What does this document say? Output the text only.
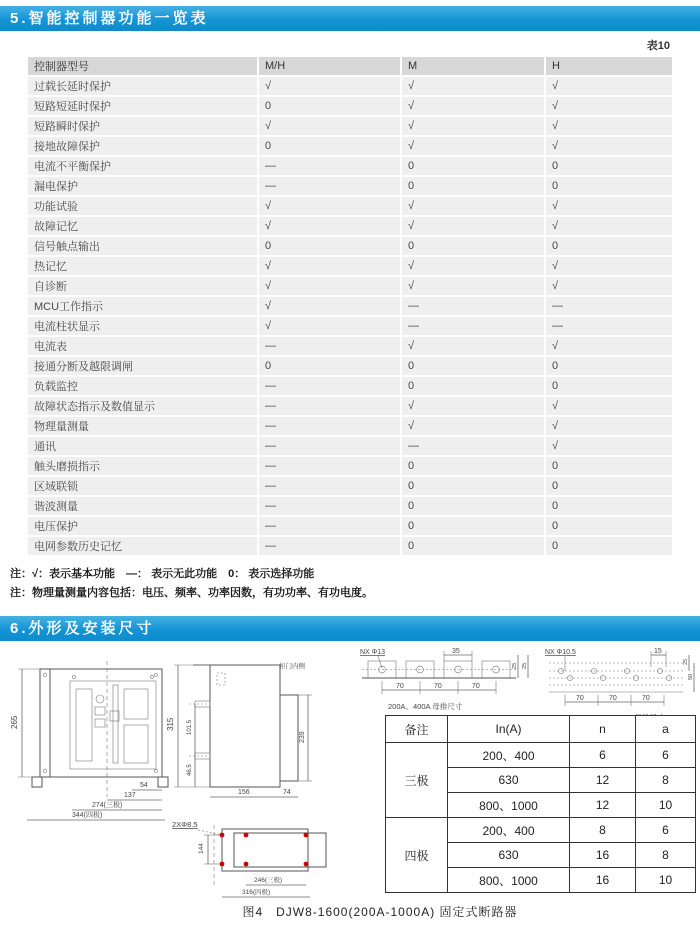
5.智能控制器功能一览表
表10
控制器型号	M/H	M	H
过载长延时保护	√	√	√
短路短延时保护	0	√	√
短路瞬时保护	√	√	√
接地故障保护	0	√	√
电流不平衡保护	—	0	0
漏电保护	—	0	0
功能试验	√	√	√
故障记忆	√	√	√
信号触点输出	0	0	0
热记忆	√	√	√
自诊断	√	√	√
MCU工作指示	√	—	—
电流柱状显示	√	—	—
电流表	—	√	√
接通分断及越限调闸	0	0	0
负载监控	—	0	0
故障状态指示及数值显示	—	√	√
物理量测量	—	√	√
通讯	—	—	√
触头磨损指示	—	0	0
区域联锁	—	0	0
谐波测量	—	0	0
电压保护	—	0	0
电网参数历史记忆	—	0	0
注：√：表示基本功能　—： 表示无此功能　0： 表示选择功能
注：物理量测量内容包括：电压、频率、功率因数，有功功率、有功电度。
6.外形及安装尺寸
265
54
137
274(三极)
344(四极)
柜门内侧
315 101.5
46.5
156	74
239
2XΦ8.5
144
246(三极)
316(四极)
NX Φ13	35
25 25
70	70	70
200A、400A 母排尺寸
NX Φ10.5	15
25
50
70	70	70
备注	In(A)	n	a
三极	200、400	6	6
	630	12	8
	800、1000	12	10
四极	200、400	8	6
	630	16	8
	800、1000	16	10
图4　DJW8-1600(200A-1000A) 固定式断路器
